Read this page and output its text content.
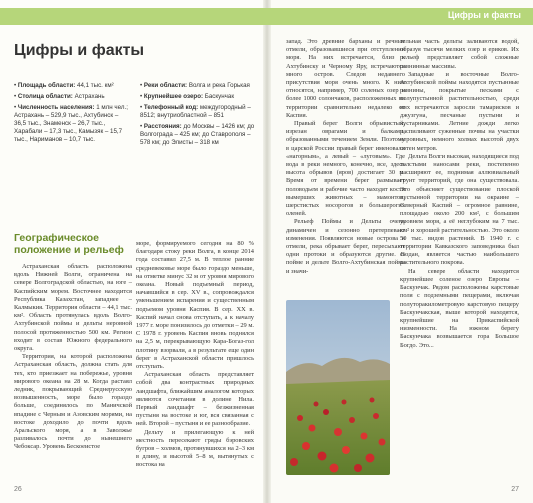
Цифры и факты
Цифры и факты
• Площадь области: 44,1 тыс. км²
• Столица области: Астрахань
• Численность населения: 1 млн чел.; Астрахань – 529,9 тыс., Ахтубинск – 36,5 тыс., Знаменск – 26,7 тыс., Харабали – 17,3 тыс., Камызяк – 15,7 тыс., Нариманов – 10,7 тыс.
• Реки области: Волга и река Горькая
• Крупнейшее озеро: Баскунчак
• Телефонный код: междугородный – 8512; внутриобластной – 851
• Расстояния: до Москвы – 1426 км; до Волгограда – 425 км; до Ставрополя – 578 км; до Элисты – 318 км
Географическое положение и рельеф

Астраханская область расположена вдоль Нижней Волги, ограничена на севере Волгоградской областью, на юге – Каспийским морем. Восточнее находится Республика Казахстан, западнее – Калмыкия. Территория области – 44,1 тыс. км². Область протянулась вдоль Волго-Ахтубинской поймы и дельты неровной полосой протяженностью 500 км. Регион входит в состав Южного федерального округа.

Территория, на которой расположена Астраханская область, должна стать для тех, кто приезжает на побережье, уровня мирового океана на 28 м. Когда растаял ледник, покрывающий Среднерусскую возвышенность, море было гораздо больше, соединялось по Маничской впадине с Черным и Азовским морями, на востоке доходило до почти вдоль Аральского моря, а в Заволжье разливалось почти до нынешнего Чебоксар. Уровень Бескоеистое

море, формируемого сегодня на 80 % благодаря стоку реки Волга, в конце 2014 года составил 27,5 м. В теплое ранние средневековье море было гораздо меньше, на отметке минус 32 м от уровня мирового океана. Новый подъемный период, начавшийся в сер. XV в., сопровождался уменьшением испарения и существенным подъемом уровня Каспия. В сер. XX в. Каспий начал снова отступать, а к началу 1977 г. море понизилось до отметки – 29 м. С 1978 г. уровень Каспия вновь поднялся на 2,5 м, перекрывающую Кара-Богаз-гол плотину взорвали, а в результате еще один берег в Астраханской области пришлось отступать.

Астраханская область представляет собой два контрастных природных ландшафта, ближайшим аналогом которых являются сочетания в долине Нила. Первый ландшафт – безжизненная пустыня на востоке и юг, вся связанная с ней. Второй – пустыня и ее разнообразие.

Дельту и прилегающую к ней местность пересекают гряды бэровских бугров – холмов, протянувшихся на 2–3 км в длину, и высотой 5–8 м, вытянутых с востока на

запад. Это древние барханы и речные отмели, образовавшиеся при отступлении моря. На них встречается, близ к Ахтубинску и Черному Яру, встречаются много остров. Следов недавнего присутствия моря очень много. К ним относятся, например, 700 соленых озер и более 1000 солончаков, расположенных на территории сравнительно недалеко от Каспия.

Правый берег Волги обрывистый, изрезан оврагами и балками, образованными течением Земли. Поэтому в царской России правый берег именовали «нагорным», а левый – «луговым». Где вода в реки немного, конечно, все, здесь высота обрывов (яров) достигает 30 м. Время от времени берег размывает половодьем и рабочие часто находят кости вымерших животных – мамонтов, шерстистых носорогов и большерогих оленей.

Рельеф Поймы и Дельты очень динамичен и сезонно претерпевает изменения. Появляются новые острова и отмели, река обрывает берег, пересыхают одни протоки и образуются другие. В пойме и дельте Волго-Ахтубинская пойма и значи-

тельная часть дельты заливаются водой, образуя тысячи мелких озер и ериков. Их рельеф представляет собой сложные равнинные массивы.

Западные и восточные Волго-Ахтубинской поймы находятся пустынные равнины, покрытые песками с полупустынной растительностью, среди них встречаются заросли тамарисков и джузгуна, песчаные пустыни и кустарниками. Летние дожди легко распиливают суженные почвы на участки неровных, немного холмах высотой двух сотен метров.

Дельта Волги высокая, находящиеся под толстыми наносами реки, постепенно расширяют ее, поднимая аллювиальный грунт территорий, где она существовала. Это объясняет существование плоской пустынной территории на окраине – Северный Каспий – огромное равнине, площадью около 200 км², с большим уровнем моря, а её неглубоким на 7 тыс. км² и хорошей растительностью. Это около 50 тыс. видов растений. В 1940 г. с территории Кавказского заповедника был создан, является частью наибольшего растительного покрова.

На севере области находится крупнейшее соленое озеро Европы – Баскунчак. Рядом расположены карстовые поля с подземными пещерами, включая полуторакилометровую карстовую пещеру Баскунчакская, выше которой находятся, крупнейшие на Прикаспийской низменности. На южном берегу Баскунчака возвышается гора Большое Богдо. Это...

26	27
